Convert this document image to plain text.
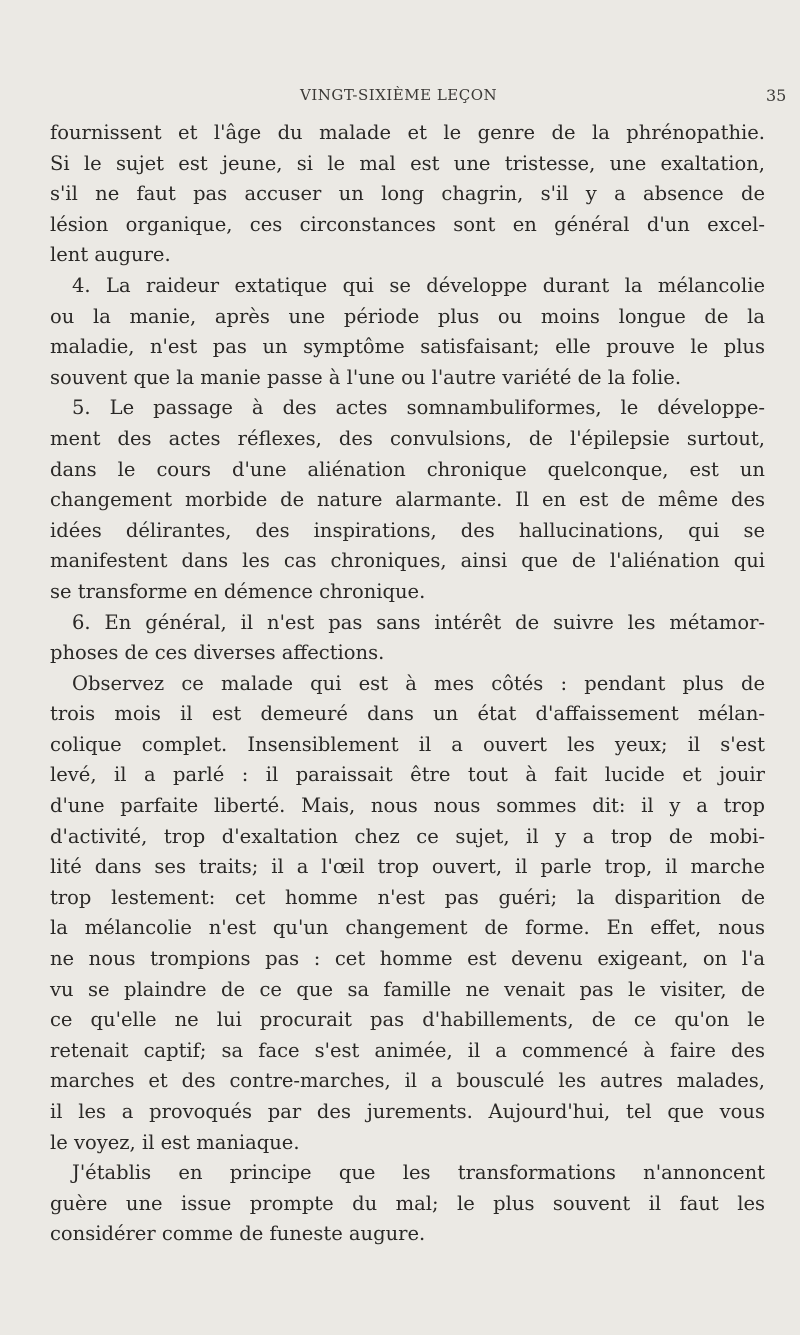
VINGT-SIXIÈME LEÇON	35
fournissent et l'âge du malade et le genre de la phrénopathie.
Si le sujet est jeune, si le mal est une tristesse, une exaltation,
s'il ne faut pas accuser un long chagrin, s'il y a absence de
lésion organique, ces circonstances sont en général d'un excel-
lent augure.
4. La raideur extatique qui se développe durant la mélancolie
ou la manie, après une période plus ou moins longue de la
maladie, n'est pas un symptôme satisfaisant; elle prouve le plus
souvent que la manie passe à l'une ou l'autre variété de la folie.
5. Le passage à des actes somnambuliformes, le développe-
ment des actes réflexes, des convulsions, de l'épilepsie surtout,
dans le cours d'une aliénation chronique quelconque, est un
changement morbide de nature alarmante. Il en est de même des
idées délirantes, des inspirations, des hallucinations, qui se
manifestent dans les cas chroniques, ainsi que de l'aliénation qui
se transforme en démence chronique.
6. En général, il n'est pas sans intérêt de suivre les métamor-
phoses de ces diverses affections.
Observez ce malade qui est à mes côtés : pendant plus de
trois mois il est demeuré dans un état d'affaissement mélan-
colique complet. Insensiblement il a ouvert les yeux; il s'est
levé, il a parlé : il paraissait être tout à fait lucide et jouir
d'une parfaite liberté. Mais, nous nous sommes dit: il y a trop
d'activité, trop d'exaltation chez ce sujet, il y a trop de mobi-
lité dans ses traits; il a l'œil trop ouvert, il parle trop, il marche
trop lestement: cet homme n'est pas guéri; la disparition de
la mélancolie n'est qu'un changement de forme. En effet, nous
ne nous trompions pas : cet homme est devenu exigeant, on l'a
vu se plaindre de ce que sa famille ne venait pas le visiter, de
ce qu'elle ne lui procurait pas d'habillements, de ce qu'on le
retenait captif; sa face s'est animée, il a commencé à faire des
marches et des contre-marches, il a bousculé les autres malades,
il les a provoqués par des jurements. Aujourd'hui, tel que vous
le voyez, il est maniaque.
J'établis en principe que les transformations n'annoncent
guère une issue prompte du mal; le plus souvent il faut les
considérer comme de funeste augure.
